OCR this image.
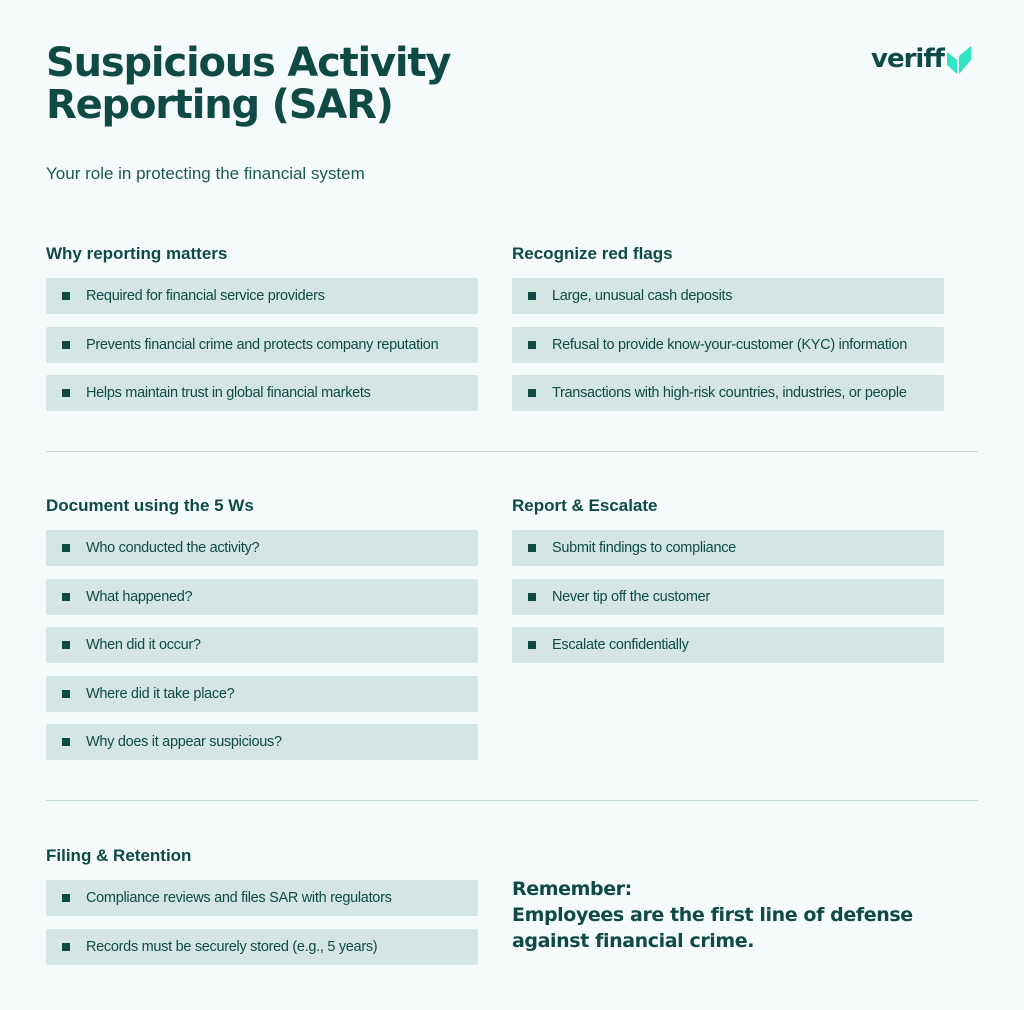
Suspicious Activity Reporting (SAR)
Your role in protecting the financial system
veriff
Why reporting matters
Required for financial service providers
Prevents financial crime and protects company reputation
Helps maintain trust in global financial markets
Recognize red flags
Large, unusual cash deposits
Refusal to provide know-your-customer (KYC) information
Transactions with high-risk countries, industries, or people
Document using the 5 Ws
Who conducted the activity?
What happened?
When did it occur?
Where did it take place?
Why does it appear suspicious?
Report & Escalate
Submit findings to compliance
Never tip off the customer
Escalate confidentially
Filing & Retention
Compliance reviews and files SAR with regulators
Records must be securely stored (e.g., 5 years)
Remember:
Employees are the first line of defense against financial crime.
